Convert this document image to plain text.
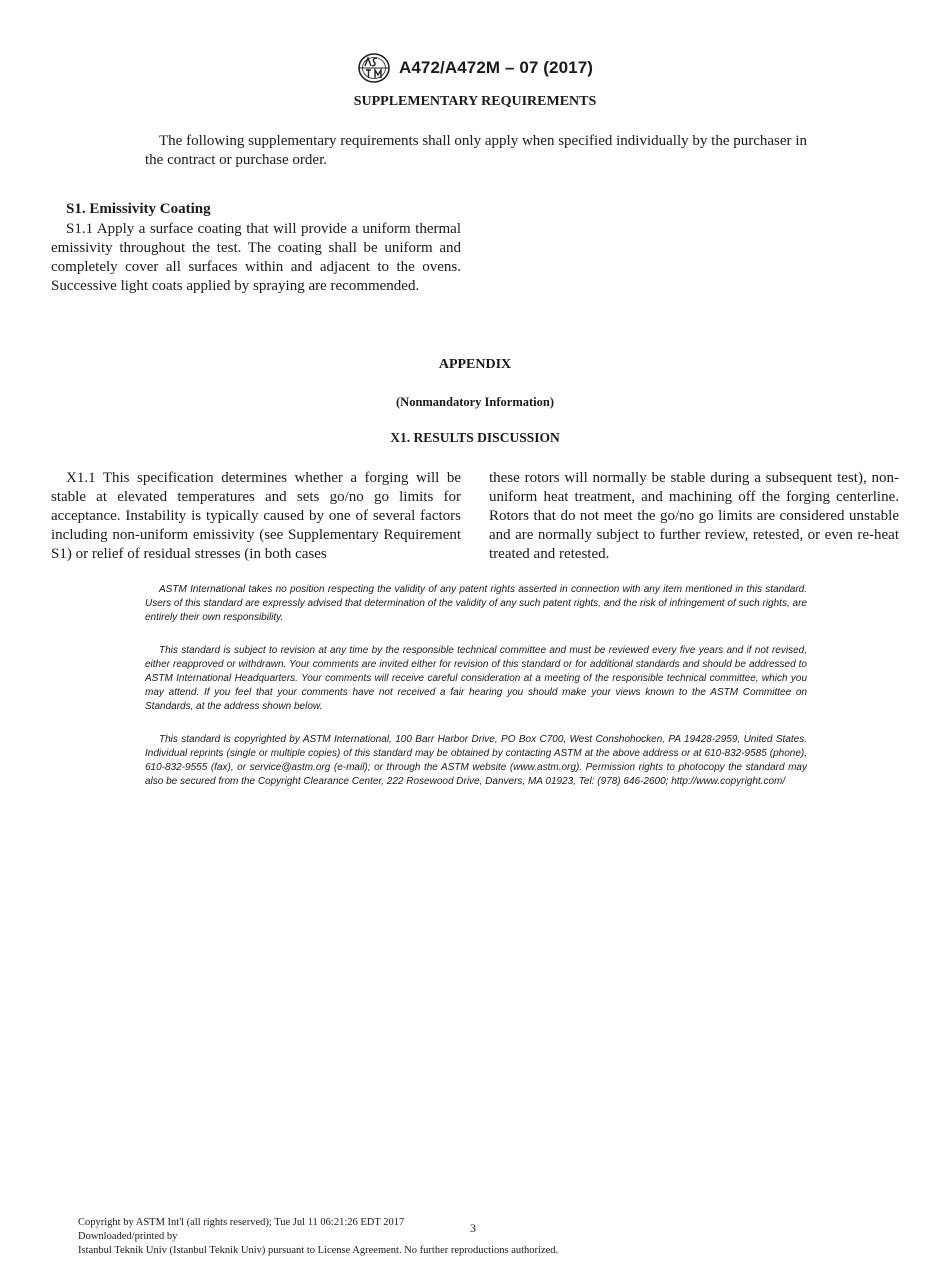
A472/A472M – 07 (2017)
SUPPLEMENTARY REQUIREMENTS
The following supplementary requirements shall only apply when specified individually by the purchaser in the contract or purchase order.
S1. Emissivity Coating
S1.1 Apply a surface coating that will provide a uniform thermal emissivity throughout the test. The coating shall be uniform and completely cover all surfaces within and adjacent to the ovens. Successive light coats applied by spraying are recommended.
APPENDIX
(Nonmandatory Information)
X1. RESULTS DISCUSSION
X1.1 This specification determines whether a forging will be stable at elevated temperatures and sets go/no go limits for acceptance. Instability is typically caused by one of several factors including non-uniform emissivity (see Supplementary Requirement S1) or relief of residual stresses (in both cases
these rotors will normally be stable during a subsequent test), non-uniform heat treatment, and machining off the forging centerline. Rotors that do not meet the go/no go limits are considered unstable and are normally subject to further review, retested, or even re-heat treated and retested.

ASTM International takes no position respecting the validity of any patent rights asserted in connection with any item mentioned in this standard. Users of this standard are expressly advised that determination of the validity of any such patent rights, and the risk of infringement of such rights, are entirely their own responsibility.

This standard is subject to revision at any time by the responsible technical committee and must be reviewed every five years and if not revised, either reapproved or withdrawn. Your comments are invited either for revision of this standard or for additional standards and should be addressed to ASTM International Headquarters. Your comments will receive careful consideration at a meeting of the responsible technical committee, which you may attend. If you feel that your comments have not received a fair hearing you should make your views known to the ASTM Committee on Standards, at the address shown below.

This standard is copyrighted by ASTM International, 100 Barr Harbor Drive, PO Box C700, West Conshohocken, PA 19428-2959, United States. Individual reprints (single or multiple copies) of this standard may be obtained by contacting ASTM at the above address or at 610-832-9585 (phone), 610-832-9555 (fax), or service@astm.org (e-mail); or through the ASTM website (www.astm.org). Permission rights to photocopy the standard may also be secured from the Copyright Clearance Center, 222 Rosewood Drive, Danvers, MA 01923, Tel: (978) 646-2600; http://www.copyright.com/

Copyright by ASTM Int'l (all rights reserved); Tue Jul 11 06:21:26 EDT 2017
Downloaded/printed by
Istanbul Teknik Univ (Istanbul Teknik Univ) pursuant to License Agreement. No further reproductions authorized.
3
